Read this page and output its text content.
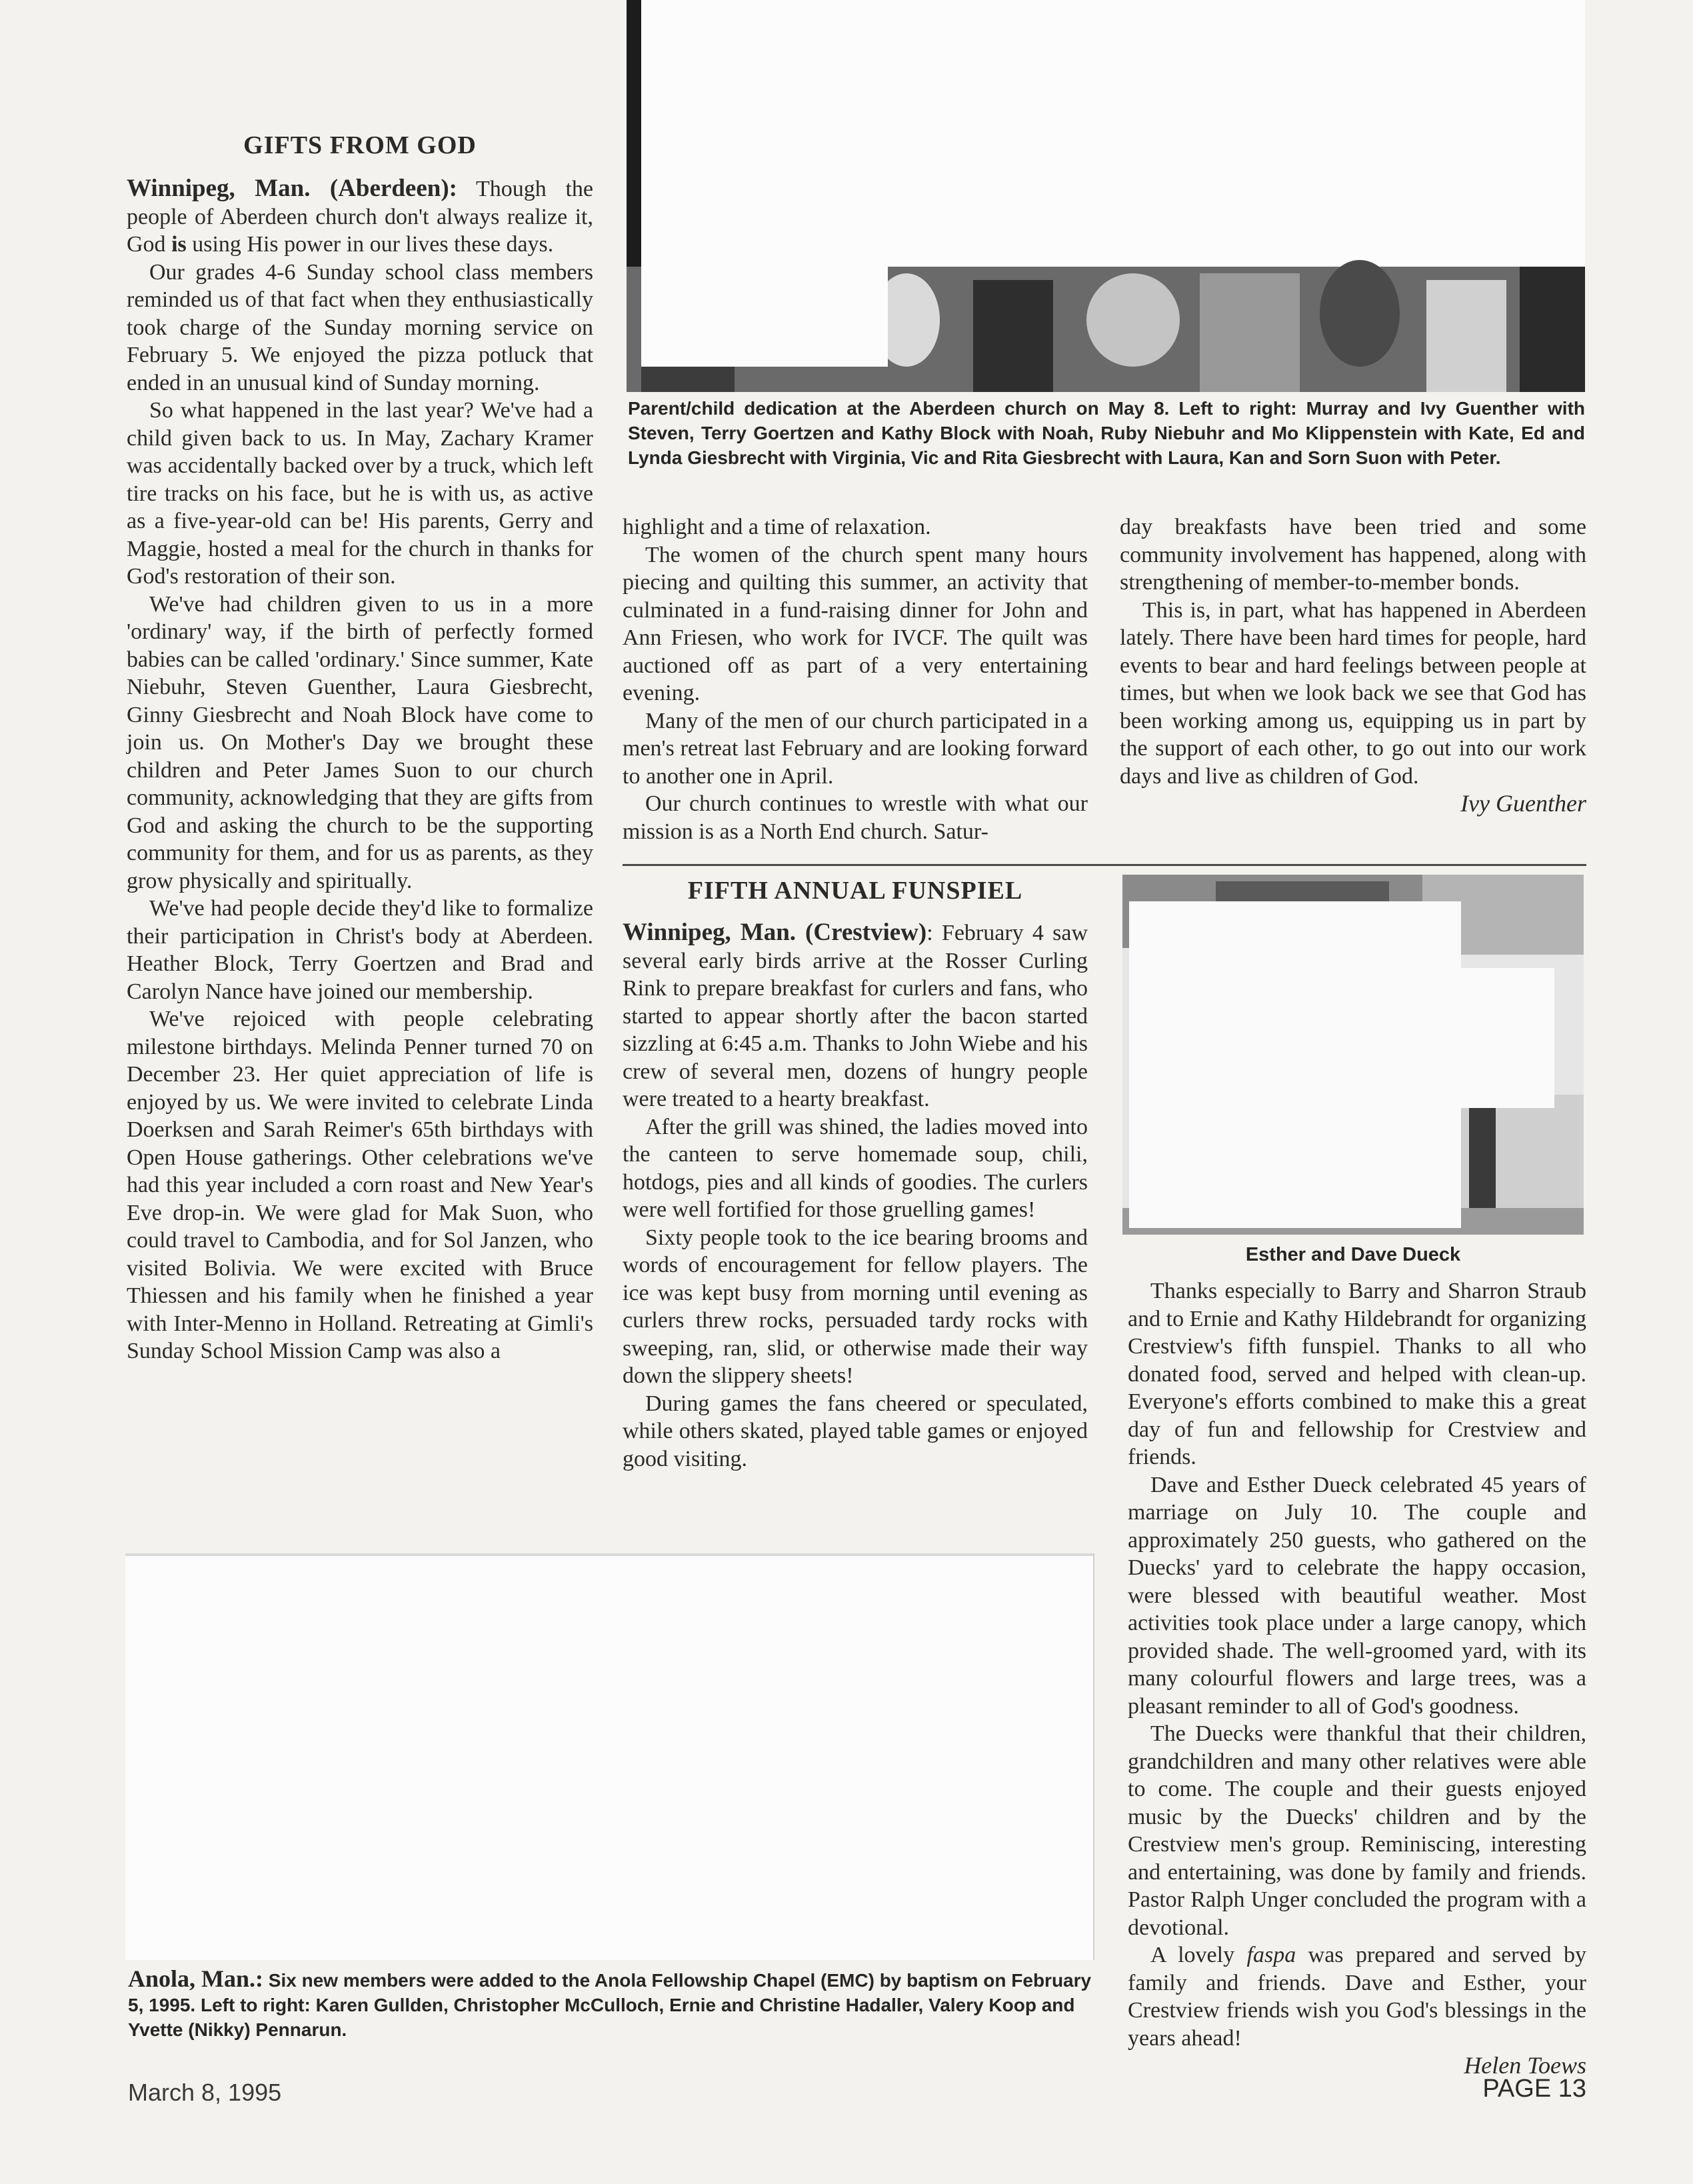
GIFTS FROM GOD

Winnipeg, Man. (Aberdeen): Though the people of Aberdeen church don't always realize it, God is using His power in our lives these days.

Our grades 4-6 Sunday school class members reminded us of that fact when they enthusiastically took charge of the Sunday morning service on February 5. We enjoyed the pizza potluck that ended in an unusual kind of Sunday morning.

So what happened in the last year? We've had a child given back to us. In May, Zachary Kramer was accidentally backed over by a truck, which left tire tracks on his face, but he is with us, as active as a five-year-old can be! His parents, Gerry and Maggie, hosted a meal for the church in thanks for God's restoration of their son.

We've had children given to us in a more 'ordinary' way, if the birth of perfectly formed babies can be called 'ordinary.' Since summer, Kate Niebuhr, Steven Guenther, Laura Giesbrecht, Ginny Giesbrecht and Noah Block have come to join us. On Mother's Day we brought these children and Peter James Suon to our church community, acknowledging that they are gifts from God and asking the church to be the supporting community for them, and for us as parents, as they grow physically and spiritually.

We've had people decide they'd like to formalize their participation in Christ's body at Aberdeen. Heather Block, Terry Goertzen and Brad and Carolyn Nance have joined our membership.

We've rejoiced with people celebrating milestone birthdays. Melinda Penner turned 70 on December 23. Her quiet appreciation of life is enjoyed by us. We were invited to celebrate Linda Doerksen and Sarah Reimer's 65th birthdays with Open House gatherings. Other celebrations we've had this year included a corn roast and New Year's Eve drop-in. We were glad for Mak Suon, who could travel to Cambodia, and for Sol Janzen, who visited Bolivia. We were excited with Bruce Thiessen and his family when he finished a year with Inter-Menno in Holland. Retreating at Gimli's Sunday School Mission Camp was also a

Parent/child dedication at the Aberdeen church on May 8. Left to right: Murray and Ivy Guenther with Steven, Terry Goertzen and Kathy Block with Noah, Ruby Niebuhr and Mo Klippenstein with Kate, Ed and Lynda Giesbrecht with Virginia, Vic and Rita Giesbrecht with Laura, Kan and Sorn Suon with Peter.

highlight and a time of relaxation.

The women of the church spent many hours piecing and quilting this summer, an activity that culminated in a fund-raising dinner for John and Ann Friesen, who work for IVCF. The quilt was auctioned off as part of a very entertaining evening.

Many of the men of our church participated in a men's retreat last February and are looking forward to another one in April.

Our church continues to wrestle with what our mission is as a North End church. Satur-

day breakfasts have been tried and some community involvement has happened, along with strengthening of member-to-member bonds.

This is, in part, what has happened in Aberdeen lately. There have been hard times for people, hard events to bear and hard feelings between people at times, but when we look back we see that God has been working among us, equipping us in part by the support of each other, to go out into our work days and live as children of God.

Ivy Guenther

FIFTH ANNUAL FUNSPIEL

Winnipeg, Man. (Crestview): February 4 saw several early birds arrive at the Rosser Curling Rink to prepare breakfast for curlers and fans, who started to appear shortly after the bacon started sizzling at 6:45 a.m. Thanks to John Wiebe and his crew of several men, dozens of hungry people were treated to a hearty breakfast.

After the grill was shined, the ladies moved into the canteen to serve homemade soup, chili, hotdogs, pies and all kinds of goodies. The curlers were well fortified for those gruelling games!

Sixty people took to the ice bearing brooms and words of encouragement for fellow players. The ice was kept busy from morning until evening as curlers threw rocks, persuaded tardy rocks with sweeping, ran, slid, or otherwise made their way down the slippery sheets!

During games the fans cheered or speculated, while others skated, played table games or enjoyed good visiting.

Esther and Dave Dueck

Thanks especially to Barry and Sharron Straub and to Ernie and Kathy Hildebrandt for organizing Crestview's fifth funspiel. Thanks to all who donated food, served and helped with clean-up. Everyone's efforts combined to make this a great day of fun and fellowship for Crestview and friends.

Dave and Esther Dueck celebrated 45 years of marriage on July 10. The couple and approximately 250 guests, who gathered on the Duecks' yard to celebrate the happy occasion, were blessed with beautiful weather. Most activities took place under a large canopy, which provided shade. The well-groomed yard, with its many colourful flowers and large trees, was a pleasant reminder to all of God's goodness.

The Duecks were thankful that their children, grandchildren and many other relatives were able to come. The couple and their guests enjoyed music by the Duecks' children and by the Crestview men's group. Reminiscing, interesting and entertaining, was done by family and friends. Pastor Ralph Unger concluded the program with a devotional.

A lovely faspa was prepared and served by family and friends. Dave and Esther, your Crestview friends wish you God's blessings in the years ahead!

Helen Toews

Anola, Man.: Six new members were added to the Anola Fellowship Chapel (EMC) by baptism on February 5, 1995. Left to right: Karen Gullden, Christopher McCulloch, Ernie and Christine Hadaller, Valery Koop and Yvette (Nikky) Pennarun.
March 8, 1995	PAGE 13
